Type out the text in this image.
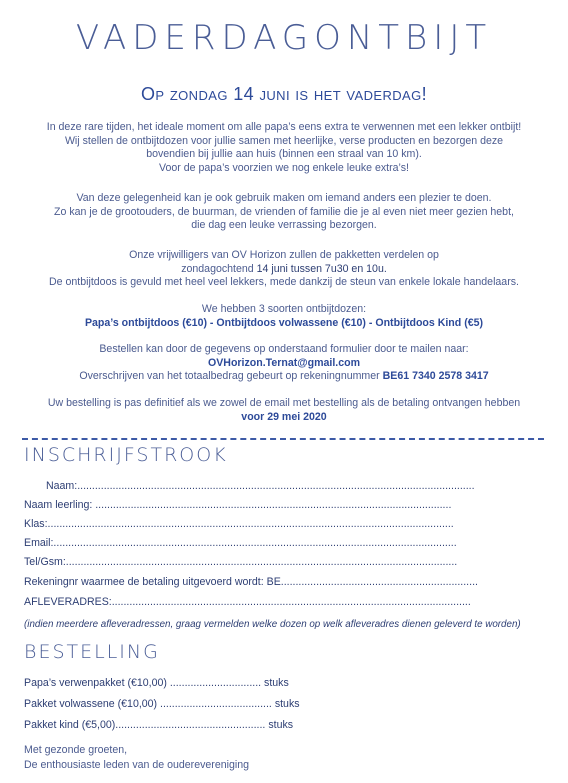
VADERDAGONTBIJT
Op zondag 14 juni is het vaderdag!
In deze rare tijden, het ideale moment om alle papa’s eens extra te verwennen met een lekker ontbijt!
Wij stellen de ontbijtdozen voor jullie samen met heerlijke, verse producten en bezorgen deze
bovendien bij jullie aan huis (binnen een straal van 10 km).
Voor de papa’s voorzien we nog enkele leuke extra’s!
Van deze gelegenheid kan je ook gebruik maken om iemand anders een plezier te doen.
Zo kan je de grootouders, de buurman, de vrienden of familie die je al even niet meer gezien hebt,
die dag een leuke verrassing bezorgen.
Onze vrijwilligers van OV Horizon zullen de pakketten verdelen op
zondagochtend 14 juni tussen 7u30 en 10u.
De ontbijtdoos is gevuld met heel veel lekkers, mede dankzij de steun van enkele lokale handelaars.
We hebben 3 soorten ontbijtdozen:
Papa’s ontbijtdoos (€10) - Ontbijtdoos volwassene (€10) - Ontbijtdoos Kind (€5)
Bestellen kan door de gegevens op onderstaand formulier door te mailen naar:
OVHorizon.Ternat@gmail.com
Overschrijven van het totaalbedrag gebeurt op rekeningnummer BE61 7340 2578 3417
Uw bestelling is pas definitief als we zowel de email met bestelling als de betaling ontvangen hebben
voor 29 mei 2020
INSCHRIJFSTROOK
Naam:.......................................................................................................................................
Naam leerling: .........................................................................................................................
Klas:..........................................................................................................................................
Email:.........................................................................................................................................
Tel/Gsm:.....................................................................................................................................
Rekeningnr waarmee de betaling uitgevoerd wordt: BE...................................................................
AFLEVERADRES:..........................................................................................................................
(indien meerdere afleveradressen, graag vermelden welke dozen op welk afleveradres dienen geleverd te worden)
BESTELLING
Papa’s verwenpakket (€10,00) ............................... stuks
Pakket volwassene (€10,00) ...................................... stuks
Pakket kind (€5,00)................................................... stuks
Met gezonde groeten,
De enthousiaste leden van de ouderevereniging
